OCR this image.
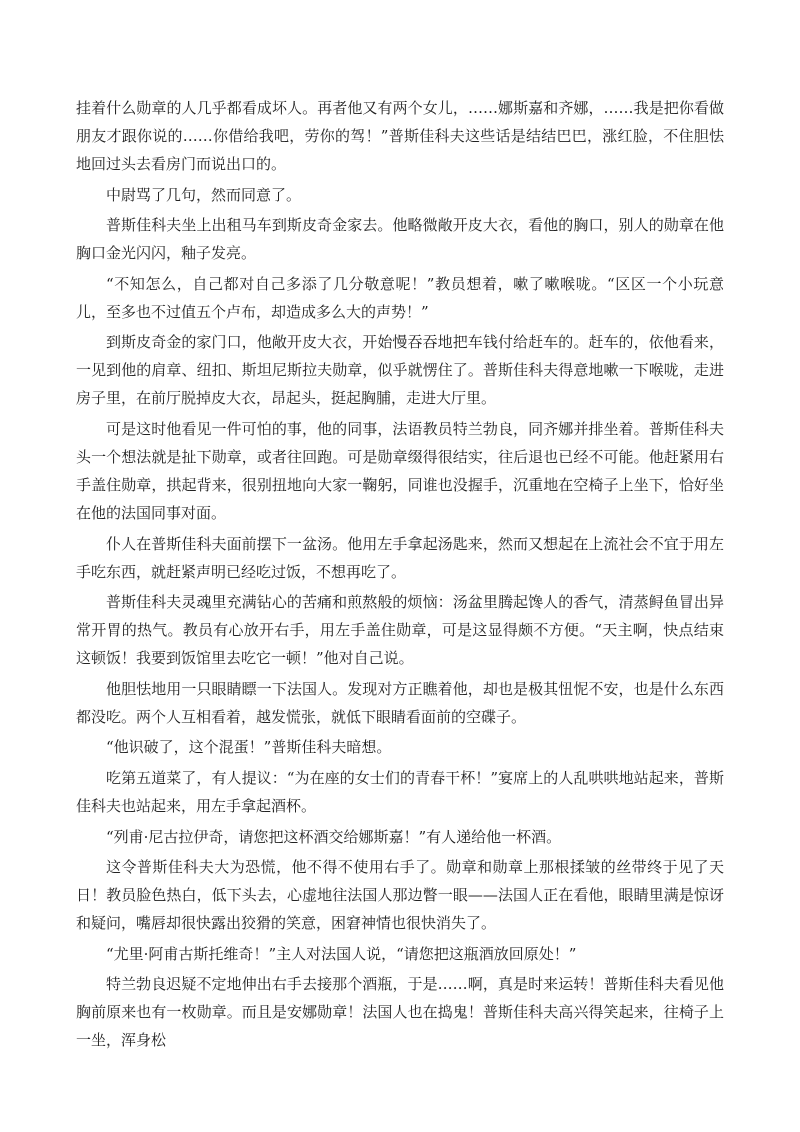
挂着什么勋章的人几乎都看成坏人。再者他又有两个女儿，……娜斯嘉和齐娜，……我是把你看做朋友才跟你说的……你借给我吧，劳你的驾！”普斯佳科夫这些话是结结巴巴，涨红脸，不住胆怯地回过头去看房门而说出口的。

中尉骂了几句，然而同意了。

普斯佳科夫坐上出租马车到斯皮奇金家去。他略微敞开皮大衣，看他的胸口，别人的勋章在他胸口金光闪闪，釉子发亮。

“不知怎么，自己都对自己多添了几分敬意呢！”教员想着，嗽了嗽喉咙。“区区一个小玩意儿，至多也不过值五个卢布，却造成多么大的声势！”

到斯皮奇金的家门口，他敞开皮大衣，开始慢吞吞地把车钱付给赶车的。赶车的，依他看来，一见到他的肩章、纽扣、斯坦尼斯拉夫勋章，似乎就愣住了。普斯佳科夫得意地嗽一下喉咙，走进房子里，在前厅脱掉皮大衣，昂起头，挺起胸脯，走进大厅里。

可是这时他看见一件可怕的事，他的同事，法语教员特兰勃良，同齐娜并排坐着。普斯佳科夫头一个想法就是扯下勋章，或者往回跑。可是勋章缀得很结实，往后退也已经不可能。他赶紧用右手盖住勋章，拱起背来，很别扭地向大家一鞠躬，同谁也没握手，沉重地在空椅子上坐下，恰好坐在他的法国同事对面。

仆人在普斯佳科夫面前摆下一盆汤。他用左手拿起汤匙来，然而又想起在上流社会不宜于用左手吃东西，就赶紧声明已经吃过饭，不想再吃了。

普斯佳科夫灵魂里充满钻心的苦痛和煎熬般的烦恼：汤盆里腾起馋人的香气，清蒸鲟鱼冒出异常开胃的热气。教员有心放开右手，用左手盖住勋章，可是这显得颇不方便。“天主啊，快点结束这顿饭！我要到饭馆里去吃它一顿！”他对自己说。

他胆怯地用一只眼睛瞟一下法国人。发现对方正瞧着他，却也是极其忸怩不安，也是什么东西都没吃。两个人互相看着，越发慌张，就低下眼睛看面前的空碟子。

“他识破了，这个混蛋！”普斯佳科夫暗想。

吃第五道菜了，有人提议：“为在座的女士们的青春干杯！”宴席上的人乱哄哄地站起来，普斯佳科夫也站起来，用左手拿起酒杯。

“列甫·尼古拉伊奇，请您把这杯酒交给娜斯嘉！”有人递给他一杯酒。

这令普斯佳科夫大为恐慌，他不得不使用右手了。勋章和勋章上那根揉皱的丝带终于见了天日！教员脸色热白，低下头去，心虚地往法国人那边瞥一眼——法国人正在看他，眼睛里满是惊讶和疑问，嘴唇却很快露出狡猾的笑意，困窘神情也很快消失了。

“尤里·阿甫古斯托维奇！”主人对法国人说，“请您把这瓶酒放回原处！”

特兰勃良迟疑不定地伸出右手去接那个酒瓶，于是……啊，真是时来运转！普斯佳科夫看见他胸前原来也有一枚勋章。而且是安娜勋章！法国人也在捣鬼！普斯佳科夫高兴得笑起来，往椅子上一坐，浑身松
